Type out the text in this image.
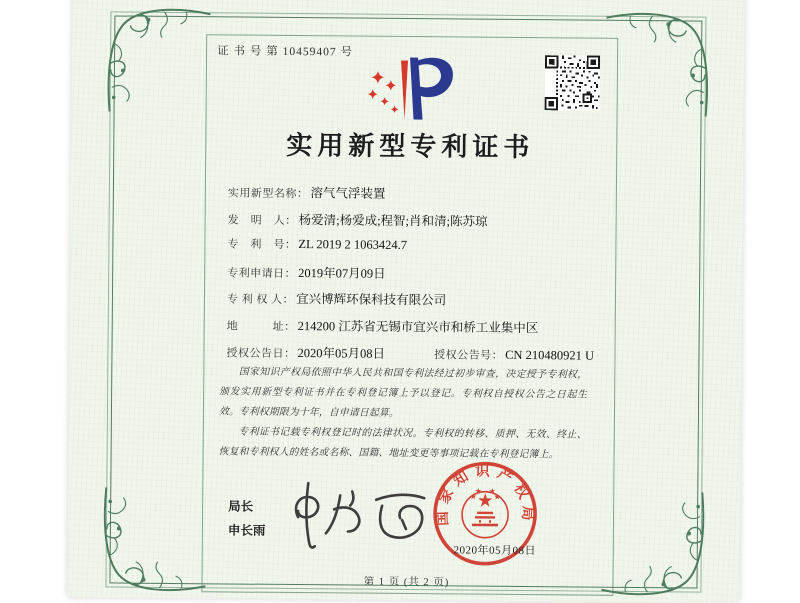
证 书 号 第 10459407 号
实用新型专利证书
实用新型名称： 溶气气浮装置
发　明　人： 杨爱清;杨爱成;程智;肖和清;陈苏琼
专　利　号： ZL 2019 2 1063424.7
专利申请日： 2019年07月09日
专 利 权 人： 宜兴博辉环保科技有限公司
地　　　址： 214200 江苏省无锡市宜兴市和桥工业集中区
授权公告日： 2020年05月08日	授权公告号： CN 210480921 U

国家知识产权局依照中华人民共和国专利法经过初步审查，决定授予专利权，颁发实用新型专利证书并在专利登记簿上予以登记。专利权自授权公告之日起生效。专利权期限为十年，自申请日起算。

专利证书记载专利权登记时的法律状况。专利权的转移、质押、无效、终止、恢复和专利权人的姓名或名称、国籍、地址变更等事项记载在专利登记簿上。

局长
申长雨
国家知识产权局
2020年05月08日
第 1 页 (共 2 页)
